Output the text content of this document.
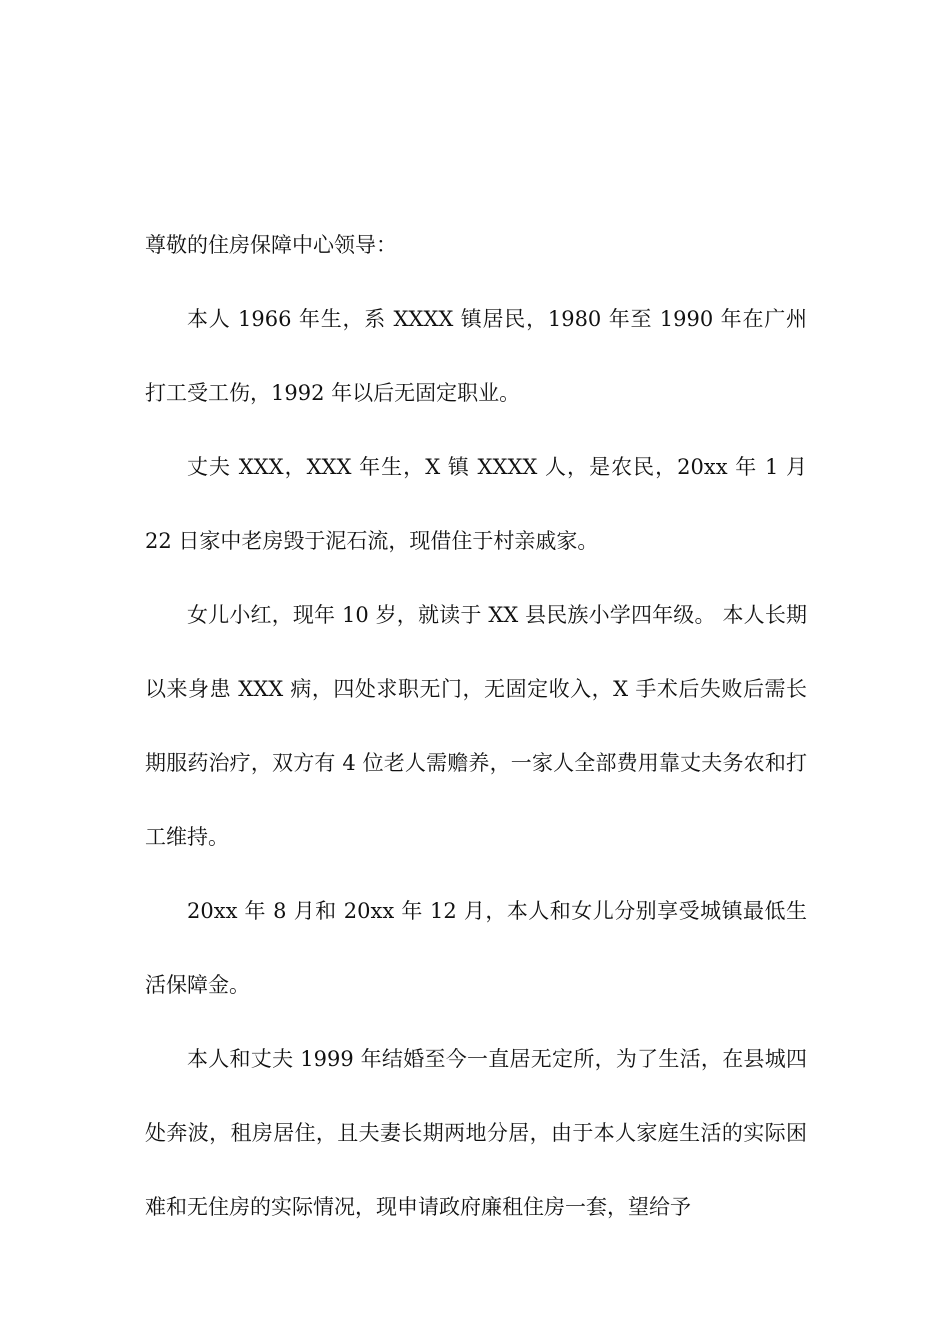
尊敬的住房保障中心领导：

本人 1966 年生，系 XXXX 镇居民，1980 年至 1990 年在广州打工受工伤，1992 年以后无固定职业。

丈夫 XXX，XXX 年生，X 镇 XXXX 人，是农民，20xx 年 1 月 22 日家中老房毁于泥石流，现借住于村亲戚家。

女儿小红，现年 10 岁，就读于 XX 县民族小学四年级。 本人长期以来身患 XXX 病，四处求职无门，无固定收入，X 手术后失败后需长期服药治疗，双方有 4 位老人需赡养，一家人全部费用靠丈夫务农和打工维持。

20xx 年 8 月和 20xx 年 12 月，本人和女儿分别享受城镇最低生活保障金。

本人和丈夫 1999 年结婚至今一直居无定所，为了生活，在县城四处奔波，租房居住，且夫妻长期两地分居，由于本人家庭生活的实际困难和无住房的实际情况，现申请政府廉租住房一套，望给予
